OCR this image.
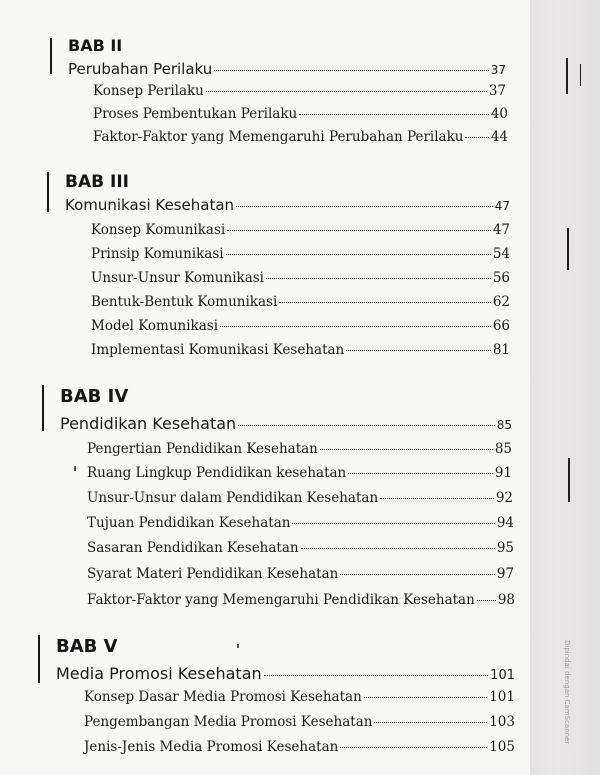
BAB II
Perubahan Perilaku	37
Konsep Perilaku	37
Proses Pembentukan Perilaku	40
Faktor-Faktor yang Memengaruhi Perubahan Perilaku 44
BAB III
Komunikasi Kesehatan	47
Konsep Komunikasi	47
Prinsip Komunikasi	54
Unsur-Unsur Komunikasi	56
Bentuk-Bentuk Komunikasi	62
Model Komunikasi	66
Implementasi Komunikasi Kesehatan	81
BAB IV
Pendidikan Kesehatan	85
Pengertian Pendidikan Kesehatan	85
Ruang Lingkup Pendidikan kesehatan	91
Unsur-Unsur dalam Pendidikan Kesehatan	92
Tujuan Pendidikan Kesehatan	94
Sasaran Pendidikan Kesehatan	95
Syarat Materi Pendidikan Kesehatan	97
Faktor-Faktor yang Memengaruhi Pendidikan Kesehatan 98
BAB V
Media Promosi Kesehatan	101
Konsep Dasar Media Promosi Kesehatan	101
Pengembangan Media Promosi Kesehatan	103
Jenis-Jenis Media Promosi Kesehatan	105
Dipindai dengan CamScanner
